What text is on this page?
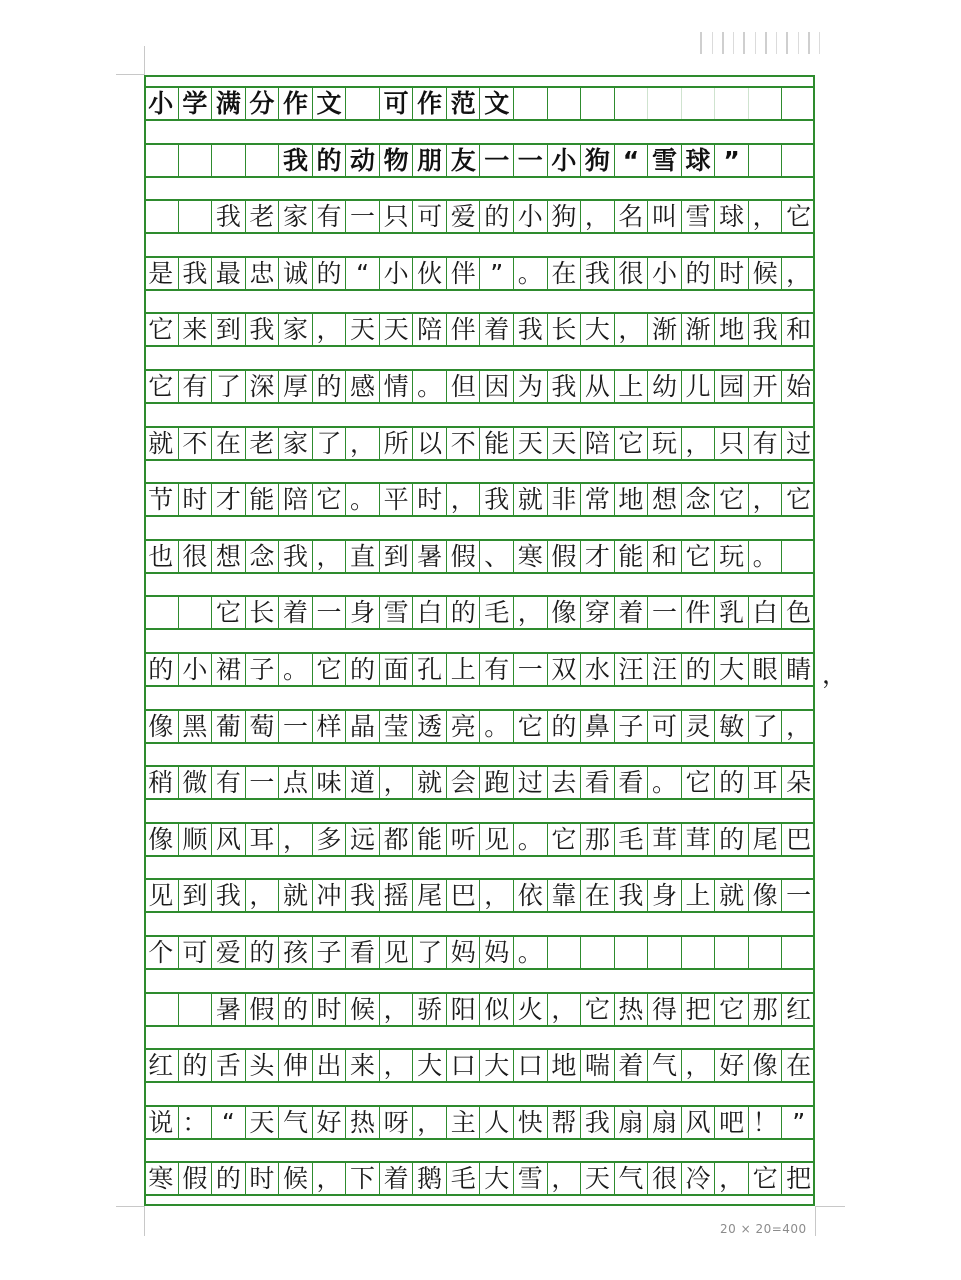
小 学 满 分 作 文 可 作 范 文
我 的 动 物 朋 友 一 一 小 狗 “ 雪 球 ”
我 老 家 有 一 只 可 爱 的 小 狗 ， 名 叫 雪 球 ， 它
是 我 最 忠 诚 的 “ 小 伙 伴 ” 。 在 我 很 小 的 时 候 ，
它 来 到 我 家 ， 天 天 陪 伴 着 我 长 大 ， 渐 渐 地 我 和
它 有 了 深 厚 的 感 情 。 但 因 为 我 从 上 幼 儿 园 开 始
就 不 在 老 家 了 ， 所 以 不 能 天 天 陪 它 玩 ， 只 有 过
节 时 才 能 陪 它 。 平 时 ， 我 就 非 常 地 想 念 它 ， 它
也 很 想 念 我 ， 直 到 暑 假 、 寒 假 才 能 和 它 玩 。
它 长 着 一 身 雪 白 的 毛 ， 像 穿 着 一 件 乳 白 色
的 小 裙 子 。 它 的 面 孔 上 有 一 双 水 汪 汪 的 大 眼 睛
像 黑 葡 萄 一 样 晶 莹 透 亮 。 它 的 鼻 子 可 灵 敏 了 ，
稍 微 有 一 点 味 道 ， 就 会 跑 过 去 看 看 。 它 的 耳 朵
像 顺 风 耳 ， 多 远 都 能 听 见 。 它 那 毛 茸 茸 的 尾 巴
见 到 我 ， 就 冲 我 摇 尾 巴 ， 依 靠 在 我 身 上 就 像 一
个 可 爱 的 孩 子 看 见 了 妈 妈 。
暑 假 的 时 候 ， 骄 阳 似 火 ， 它 热 得 把 它 那 红
红 的 舌 头 伸 出 来 ， 大 口 大 口 地 喘 着 气 ， 好 像 在
说 ： “ 天 气 好 热 呀 ， 主 人 快 帮 我 扇 扇 风 吧 ！ ”
寒 假 的 时 候 ， 下 着 鹅 毛 大 雪 ， 天 气 很 冷 ， 它 把
20 × 20=400
，
